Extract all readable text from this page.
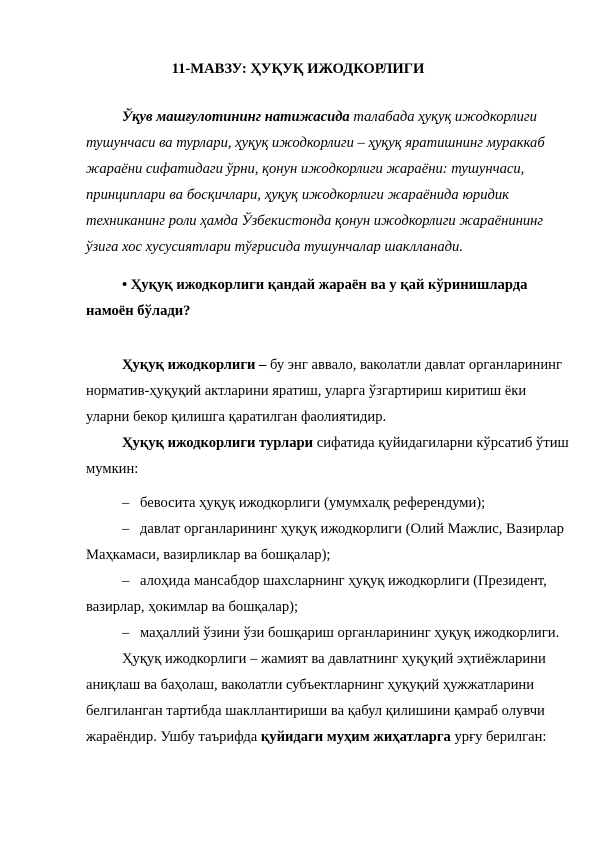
11-МАВЗУ: ҲУҚУҚ ИЖОДКОРЛИГИ
Ўқув машғулотининг натижасида талабада ҳуқуқ ижодкорлиги
тушунчаси ва турлари, ҳуқуқ ижодкорлиги – ҳуқуқ яратишнинг мураккаб
жараёни сифатидаги ўрни, қонун ижодкорлиги жараёни: тушунчаси,
принциплари ва босқичлари, ҳуқуқ ижодкорлиги жараёнида юридик
техниканинг роли ҳамда Ўзбекистонда қонун ижодкорлиги жараёнининг
ўзига хос хусусиятлари тўғрисида тушунчалар шаклланади.
• Ҳуқуқ ижодкорлиги қандай жараён ва у қай кўринишларда
намоён бўлади?
Ҳуқуқ ижодкорлиги – бу энг аввало, ваколатли давлат органларининг
норматив-ҳуқуқий актларини яратиш, уларга ўзгартириш киритиш ёки
уларни бекор қилишга қаратилган фаолиятидир.
Ҳуқуқ ижодкорлиги турлари сифатида қуйидагиларни кўрсатиб ўтиш
мумкин:
– бевосита ҳуқуқ ижодкорлиги (умумхалқ референдуми);
– давлат органларининг ҳуқуқ ижодкорлиги (Олий Мажлис, Вазирлар
Маҳкамаси, вазирликлар ва бошқалар);
– алоҳида мансабдор шахсларнинг ҳуқуқ ижодкорлиги (Президент,
вазирлар, ҳокимлар ва бошқалар);
– маҳаллий ўзини ўзи бошқариш органларининг ҳуқуқ ижодкорлиги.
Ҳуқуқ ижодкорлиги – жамият ва давлатнинг ҳуқуқий эҳтиёжларини
аниқлаш ва баҳолаш, ваколатли субъектларнинг ҳуқуқий ҳужжатларини
белгиланган тартибда шакллантириши ва қабул қилишини қамраб олувчи
жараёндир. Ушбу таърифда қуйидаги муҳим жиҳатларга урғу берилган:
